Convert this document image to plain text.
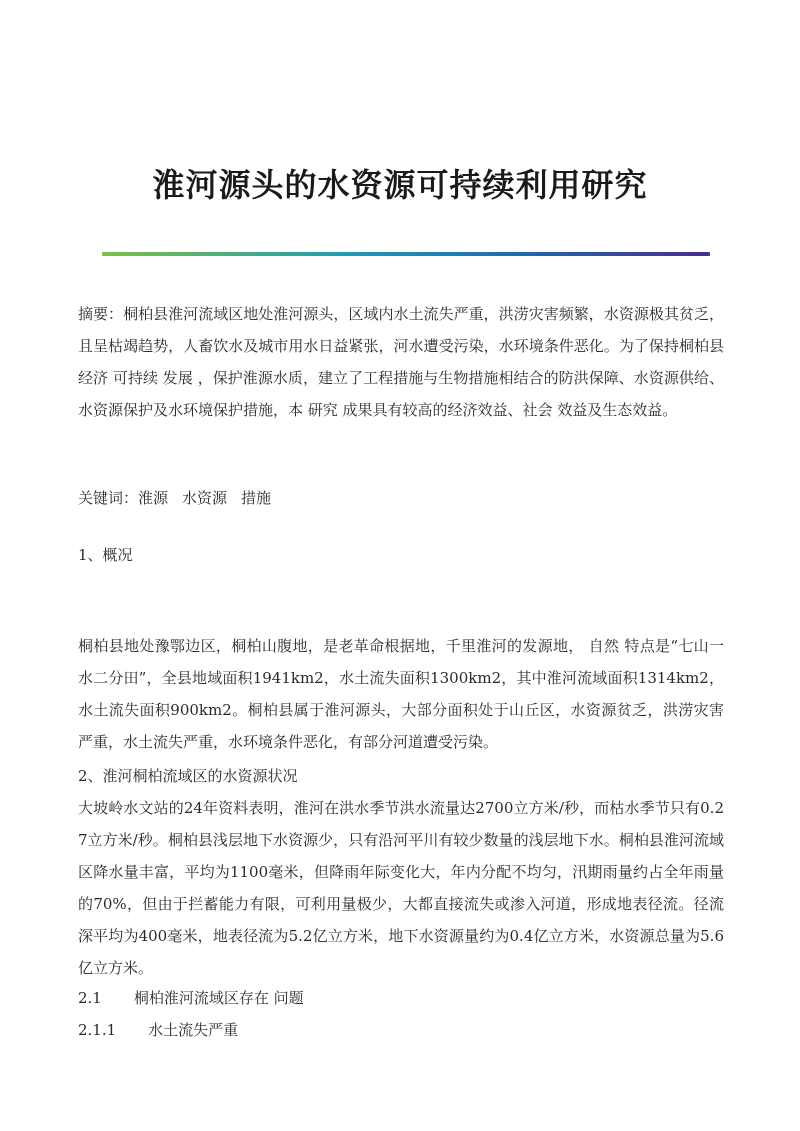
淮河源头的水资源可持续利用研究

摘要：桐柏县淮河流域区地处淮河源头，区域内水土流失严重，洪涝灾害频繁，水资源极其贫乏，且呈枯竭趋势，人畜饮水及城市用水日益紧张，河水遭受污染，水环境条件恶化。为了保持桐柏县 经济 可持续 发展 ，保护淮源水质，建立了工程措施与生物措施相结合的防洪保障、水资源供给、水资源保护及水环境保护措施，本 研究 成果具有较高的经济效益、社会 效益及生态效益。

关键词：淮源 水资源 措施

1、概况

桐柏县地处豫鄂边区，桐柏山腹地，是老革命根据地，千里淮河的发源地， 自然 特点是“七山一水二分田”，全县地域面积1941km2，水土流失面积1300km2，其中淮河流域面积1314km2，水土流失面积900km2。桐柏县属于淮河源头，大部分面积处于山丘区，水资源贫乏，洪涝灾害严重，水土流失严重，水环境条件恶化，有部分河道遭受污染。

2、淮河桐柏流域区的水资源状况

大坡岭水文站的24年资料表明，淮河在洪水季节洪水流量达2700立方米/秒，而枯水季节只有0.27立方米/秒。桐柏县浅层地下水资源少，只有沿河平川有较少数量的浅层地下水。桐柏县淮河流域区降水量丰富，平均为1100毫米，但降雨年际变化大，年内分配不均匀，汛期雨量约占全年雨量的70%，但由于拦蓄能力有限，可利用量极少，大都直接流失或渗入河道，形成地表径流。径流深平均为400毫米，地表径流为5.2亿立方米，地下水资源量约为0.4亿立方米，水资源总量为5.6亿立方米。

2.1 桐柏淮河流域区存在 问题

2.1.1 水土流失严重
